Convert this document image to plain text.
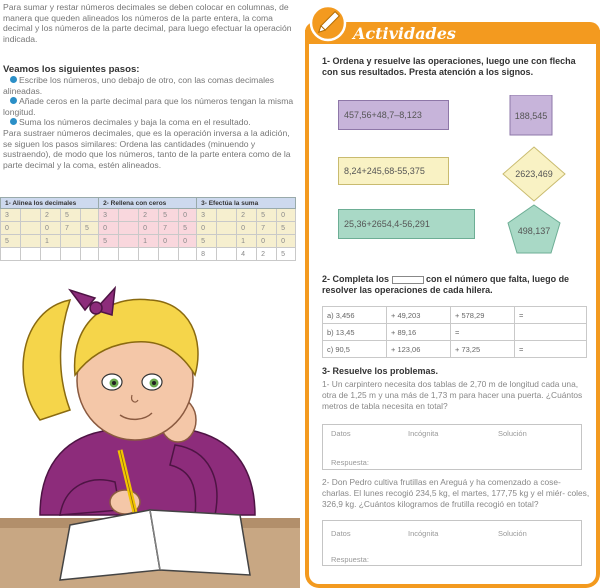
Para sumar y restar números decimales se deben colocar en columnas, de manera que queden alineados los números de la parte entera, la coma decimal y los números de la parte decimal, para luego efectuar la operación indicada.

Veamos los siguientes pasos:
Escribe los números, uno debajo de otro, con las comas decimales alineadas.
Añade ceros en la parte decimal para que los números tengan la misma longitud.
Suma los números decimales y baja la coma en el resultado.
Para sustraer números decimales, que es la operación inversa a la adición, se siguen los pasos similares: Ordena las cantidades (minuendo y sustraendo), de modo que los números, tanto de la parte entera como de la parte decimal y la coma, estén alineados.
1- Alinea los decimales					2- Rellena con ceros					3- Efectúa la suma				
3		2	5		3		2	5	0	3		2	5	0
0		0	7	5	0		0	7	5	0		0	7	5
5		1			5		1	0	0	5		1	0	0
										8		4	2	5
Actividades
1- Ordena y resuelve las operaciones, luego une con flecha con sus resultados. Presta atención a los signos.
457,56+48,7–8,123
8,24+245,68-55,375
25,36+2654,4-56,291
188,545
2623,469
498,137
2- Completa los	con el número que falta, luego de resolver las operaciones de cada hilera.
a) 3,456	+ 49,203	+ 578,29	=
b) 13,45	+ 89,16	=	
c) 90,5	+ 123,06	+ 73,25	=
3- Resuelve los problemas.

1- Un carpintero necesita dos tablas de 2,70 m de longitud cada una, otra de 1,25 m y una más de 1,73 m para hacer una puerta. ¿Cuántos metros de tabla necesita en total?

Datos	Incógnita	Solución
Respuesta:

2- Don Pedro cultiva frutillas en Areguá y ha comenzado a cose- charlas. El lunes recogió 234,5 kg, el martes, 177,75 kg y el miér- coles, 326,9 kg. ¿Cuántos kilogramos de frutilla recogió en total?

Datos	Incógnita	Solución
Respuesta:
